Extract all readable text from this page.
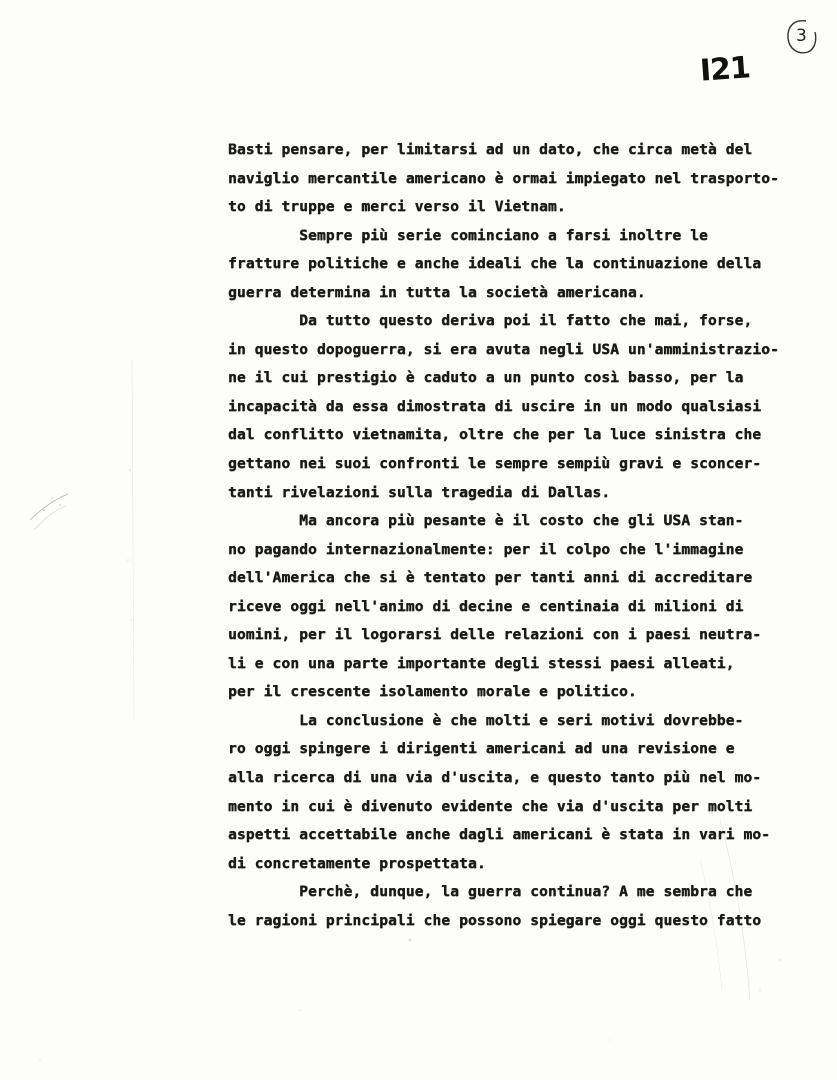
3
I21
Basti pensare, per limitarsi ad un dato, che circa metà del
naviglio mercantile americano è ormai impiegato nel trasporto-
to di truppe e merci verso il Vietnam.
Sempre più serie cominciano a farsi inoltre le
fratture politiche e anche ideali che la continuazione della
guerra determina in tutta la società americana.
Da tutto questo deriva poi il fatto che mai, forse,
in questo dopoguerra, si era avuta negli USA un'amministrazio-
ne il cui prestigio è caduto a un punto così basso, per la
incapacità da essa dimostrata di uscire in un modo qualsiasi
dal conflitto vietnamita, oltre che per la luce sinistra che
gettano nei suoi confronti le sempre sempiù gravi e sconcer-
tanti rivelazioni sulla tragedia di Dallas.
Ma ancora più pesante è il costo che gli USA stan-
no pagando internazionalmente: per il colpo che l'immagine
dell'America che si è tentato per tanti anni di accreditare
riceve oggi nell'animo di decine e centinaia di milioni di
uomini, per il logorarsi delle relazioni con i paesi neutra-
li e con una parte importante degli stessi paesi alleati,
per il crescente isolamento morale e politico.
La conclusione è che molti e seri motivi dovrebbe-
ro oggi spingere i dirigenti americani ad una revisione e
alla ricerca di una via d'uscita, e questo tanto più nel mo-
mento in cui è divenuto evidente che via d'uscita per molti
aspetti accettabile anche dagli americani è stata in vari mo-
di concretamente prospettata.
Perchè, dunque, la guerra continua? A me sembra che
le ragioni principali che possono spiegare oggi questo fatto
